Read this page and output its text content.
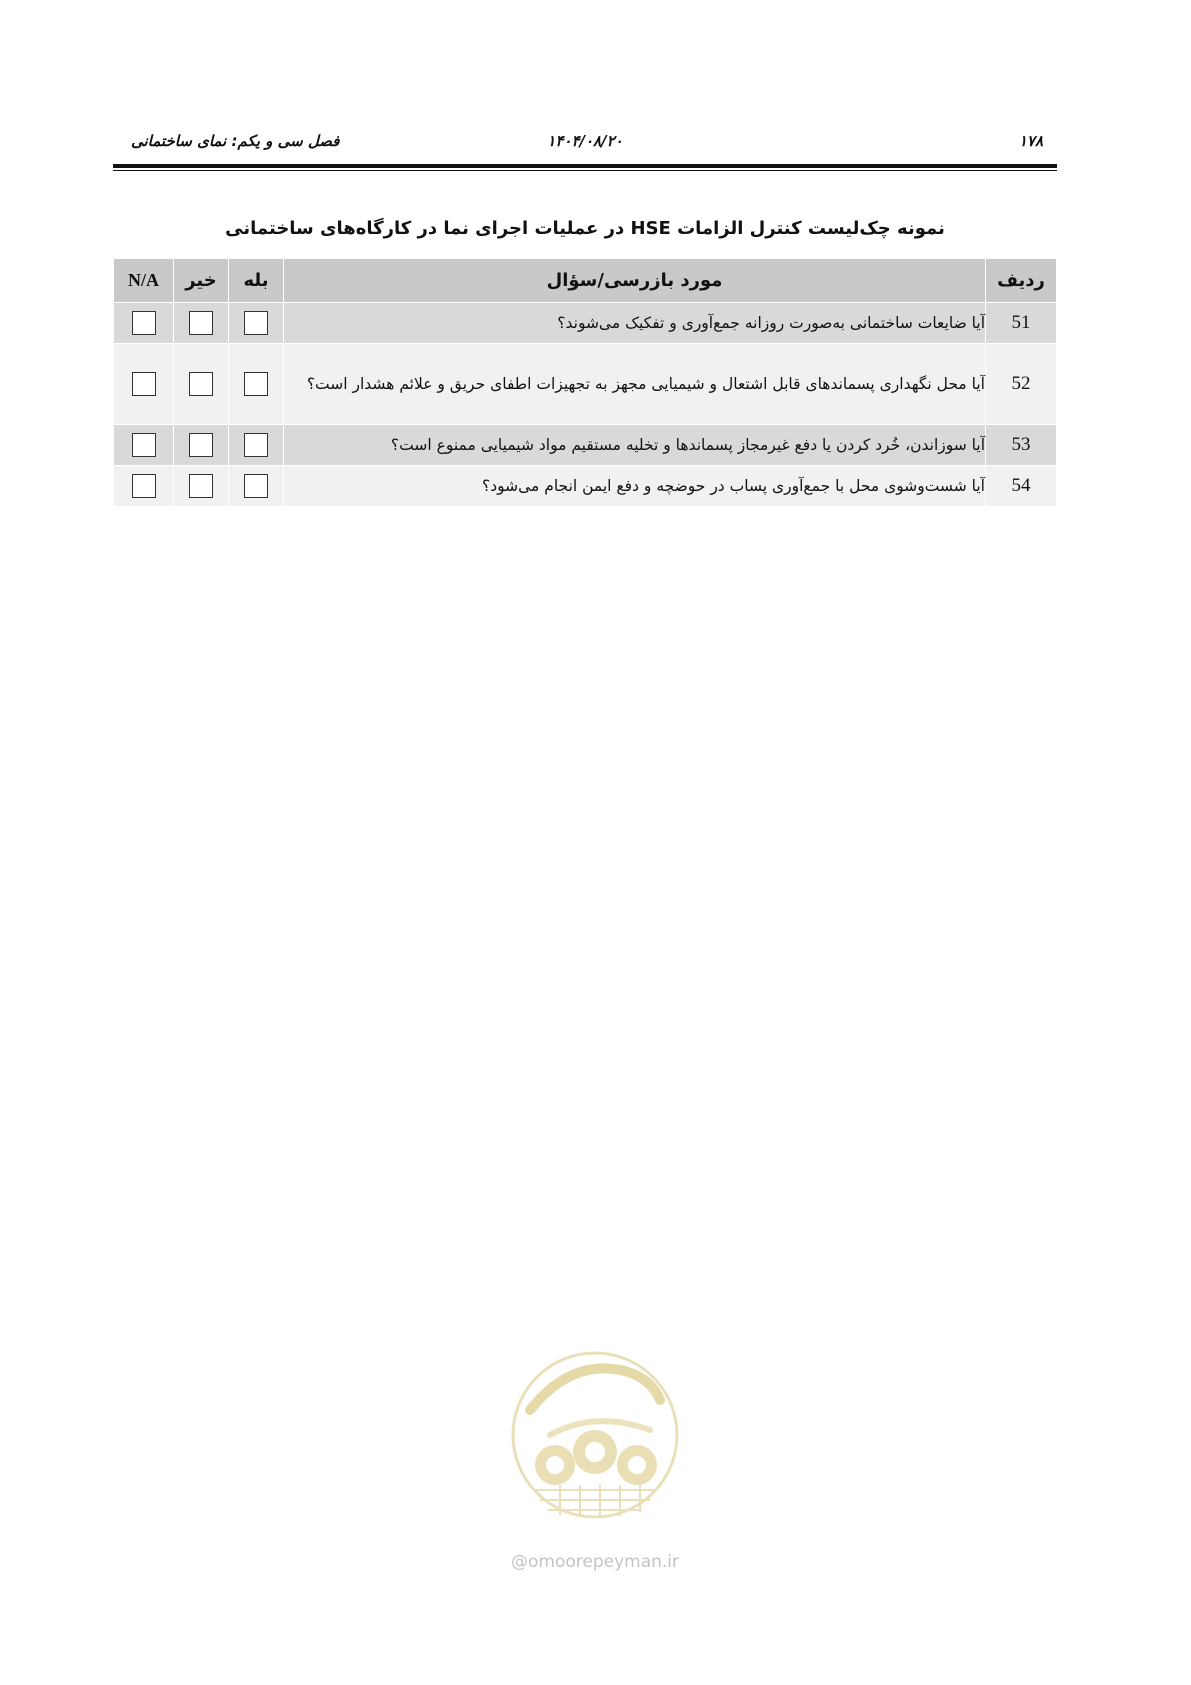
۱۷۸
۱۴۰۴/۰۸/۲۰
فصل سی و یکم: نمای ساختمانی
نمونه چک‌لیست کنترل الزامات HSE در عملیات اجرای نما در کارگاه‌های ساختمانی
ردیف	مورد بازرسی/سؤال	بله	خیر	N/A
51	آیا ضایعات ساختمانی به‌صورت روزانه جمع‌آوری و تفکیک می‌شوند؟			
52	آیا محل نگهداری پسماندهای قابل اشتعال و شیمیایی مجهز به تجهیزات اطفای حریق و علائم هشدار است؟			
53	آیا سوزاندن، خُرد کردن یا دفع غیرمجاز پسماندها و تخلیه مستقیم مواد شیمیایی ممنوع است؟			
54	آیا شست‌وشوی محل با جمع‌آوری پساب در حوضچه و دفع ایمن انجام می‌شود؟			
@omoorepeyman.ir
